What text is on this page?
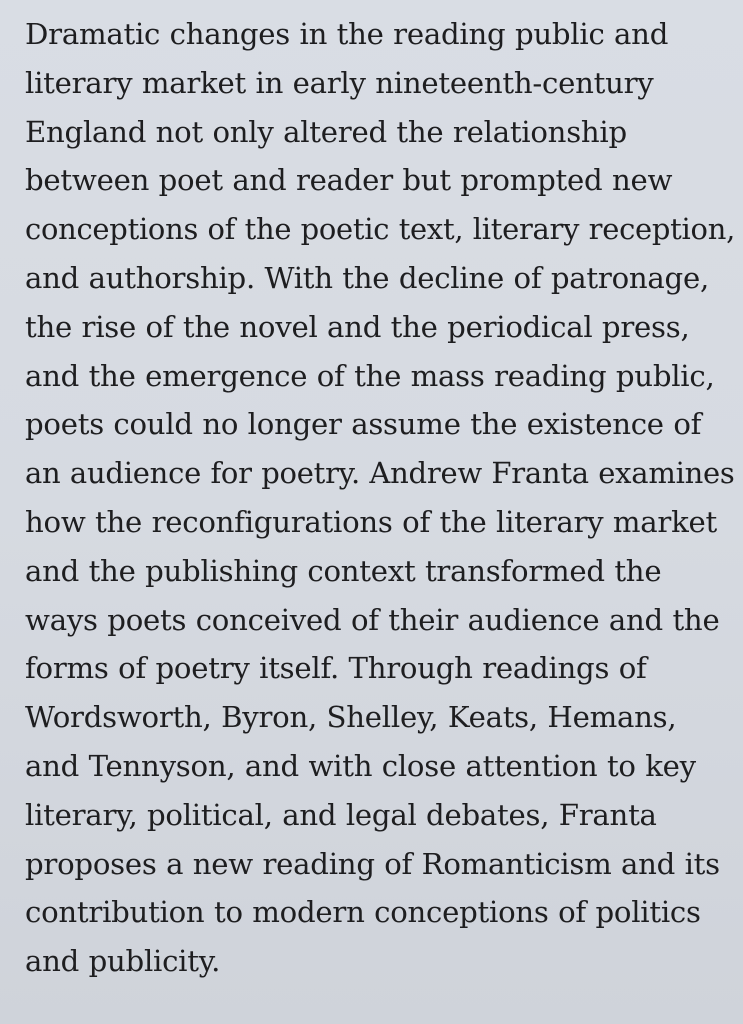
Dramatic changes in the reading public and
literary market in early nineteenth-century
England not only altered the relationship
between poet and reader but prompted new
conceptions of the poetic text, literary reception,
and authorship. With the decline of patronage,
the rise of the novel and the periodical press,
and the emergence of the mass reading public,
poets could no longer assume the existence of
an audience for poetry. Andrew Franta examines
how the reconfigurations of the literary market
and the publishing context transformed the
ways poets conceived of their audience and the
forms of poetry itself. Through readings of
Wordsworth, Byron, Shelley, Keats, Hemans,
and Tennyson, and with close attention to key
literary, political, and legal debates, Franta
proposes a new reading of Romanticism and its
contribution to modern conceptions of politics
and publicity.
